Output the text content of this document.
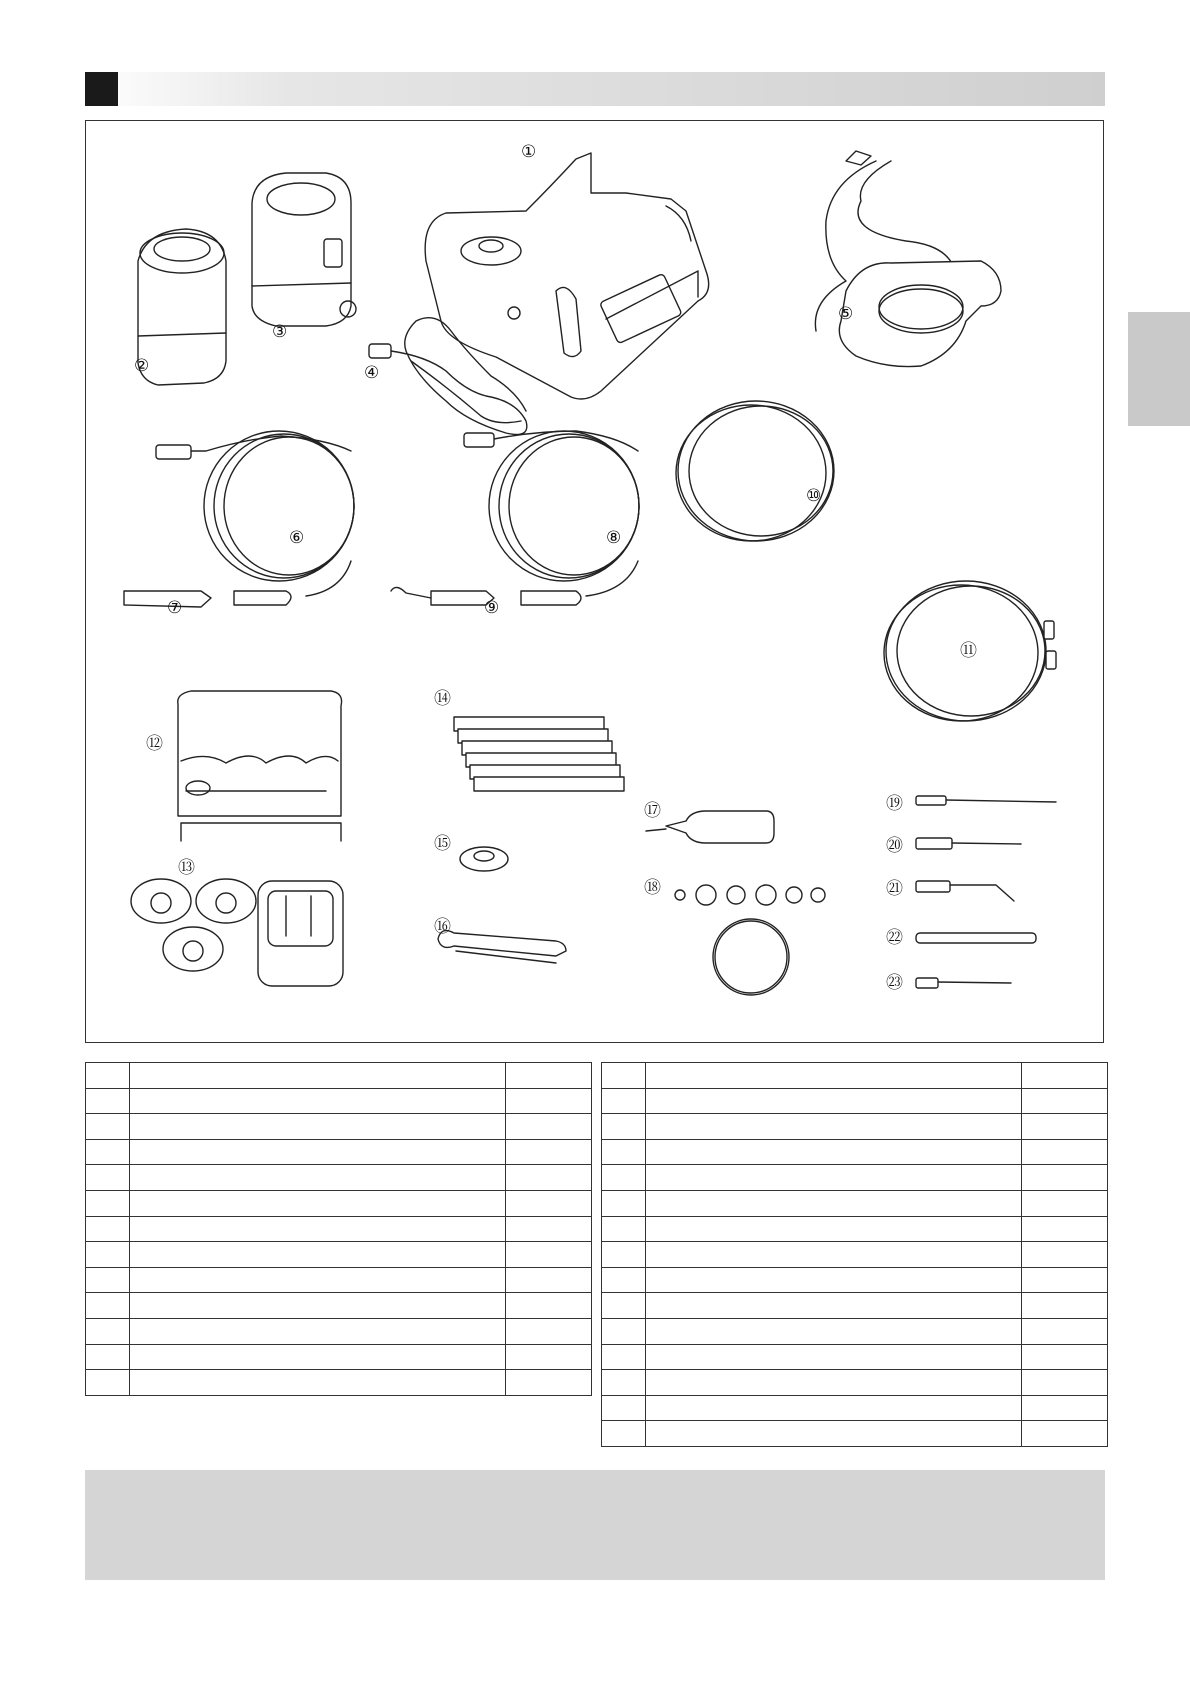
①
②
③
④
⑤
⑥
⑦
⑧
⑨
⑩
⑪
⑫
⑬
⑭
⑮
⑯
⑰
⑱
⑲
⑳
㉑
㉒
㉓
